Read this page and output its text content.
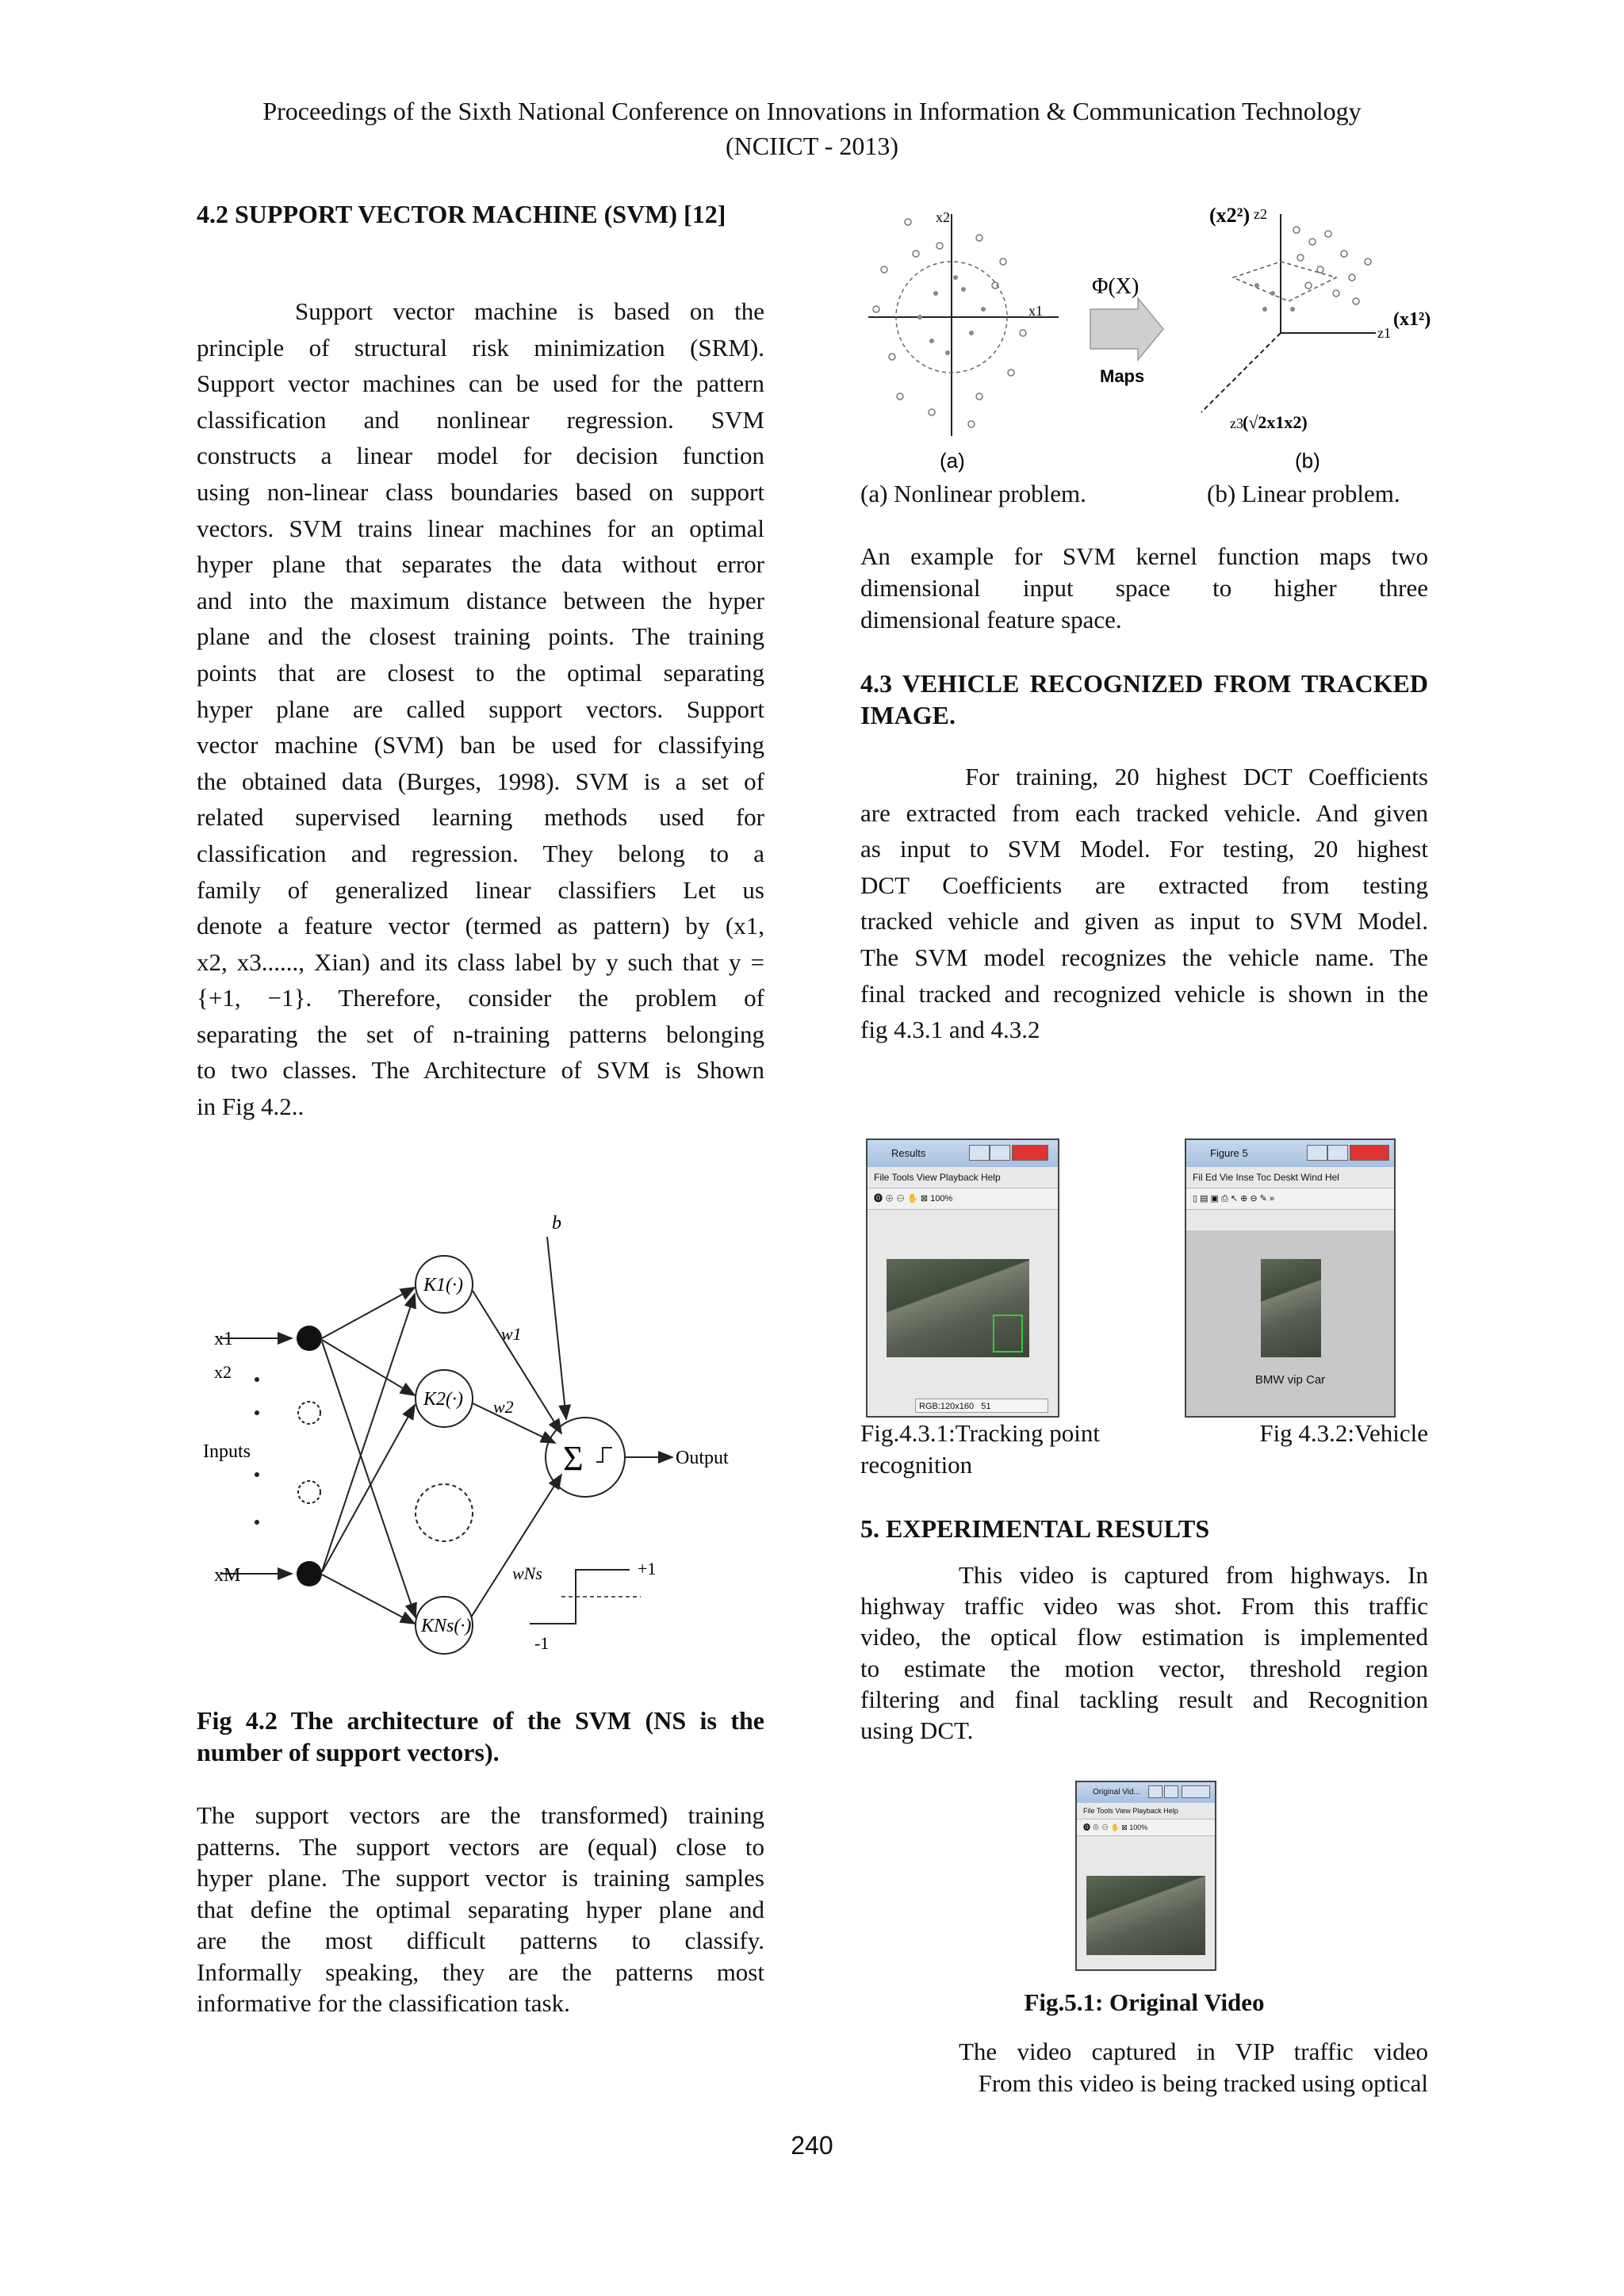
Proceedings of the Sixth National Conference on Innovations in Information & Communication Technology
(NCIICT - 2013)
4.2 SUPPORT VECTOR MACHINE (SVM) [12]
Support vector machine is based on the
principle of structural risk minimization (SRM).
Support vector machines can be used for the pattern
classification and nonlinear regression. SVM
constructs a linear model for decision function
using non-linear class boundaries based on support
vectors. SVM trains linear machines for an optimal
hyper plane that separates the data without error
and into the maximum distance between the hyper
plane and the closest training points. The training
points that are closest to the optimal separating
hyper plane are called support vectors. Support
vector machine (SVM) ban be used for classifying
the obtained data (Burges, 1998). SVM is a set of
related supervised learning methods used for
classification and regression. They belong to a
family of generalized linear classifiers Let us
denote a feature vector (termed as pattern) by (x1,
x2, x3......, Xian) and its class label by y such that y =
{+1, −1}. Therefore, consider the problem of
separating the set of n-training patterns belonging
to two classes. The Architecture of SVM is Shown
in Fig 4.2..
x1
x2
Inputs
xM
K1(·)
K2(·)
KNs(·)
b
w1
w2
wNs
Σ	Output
+1
-1
Fig 4.2 The architecture of the SVM (NS is the number of support vectors).
The support vectors are the transformed) training
patterns. The support vectors are (equal) close to
hyper plane. The support vector is training samples
that define the optimal separating hyper plane and
are the most difficult patterns to classify.
Informally speaking, they are the patterns most
informative for the classification task.
x2
x1
(a)
Φ(X)
Maps
(x2²) z2
z1
(x1²)
z3 (√2x1x2)
(b)
(a) Nonlinear problem.	(b) Linear problem.
An example for SVM kernel function maps two
dimensional input space to higher three
dimensional feature space.
4.3 VEHICLE RECOGNIZED FROM TRACKED IMAGE.
For training, 20 highest DCT Coefficients
are extracted from each tracked vehicle. And given
as input to SVM Model. For testing, 20 highest
DCT Coefficients are extracted from testing
tracked vehicle and given as input to SVM Model.
The SVM model recognizes the vehicle name. The
final tracked and recognized vehicle is shown in the
fig 4.3.1 and 4.3.2
Results
File Tools View Playback Help
⓿ ⊕ ⊖ ✋ ⊠ 100%
RGB:120x160 51
Figure 5
Fil Ed Vie Inse Toc Deskt Wind Hel
▯ ▤ ▣ ⎙ ↖ ⊕ ⊖ ✎ »
BMW vip Car
Fig.4.3.1:Tracking point	Fig 4.3.2:Vehicle
recognition
5. EXPERIMENTAL RESULTS
This video is captured from highways. In
highway traffic video was shot. From this traffic
video, the optical flow estimation is implemented
to estimate the motion vector, threshold region
filtering and final tackling result and Recognition
using DCT.
Original Vid...
File Tools View Playback Help
⓿ ⊕ ⊖ ✋ ⊠ 100%
Fig.5.1: Original Video
The video captured in VIP traffic video
From this video is being tracked using optical
240
